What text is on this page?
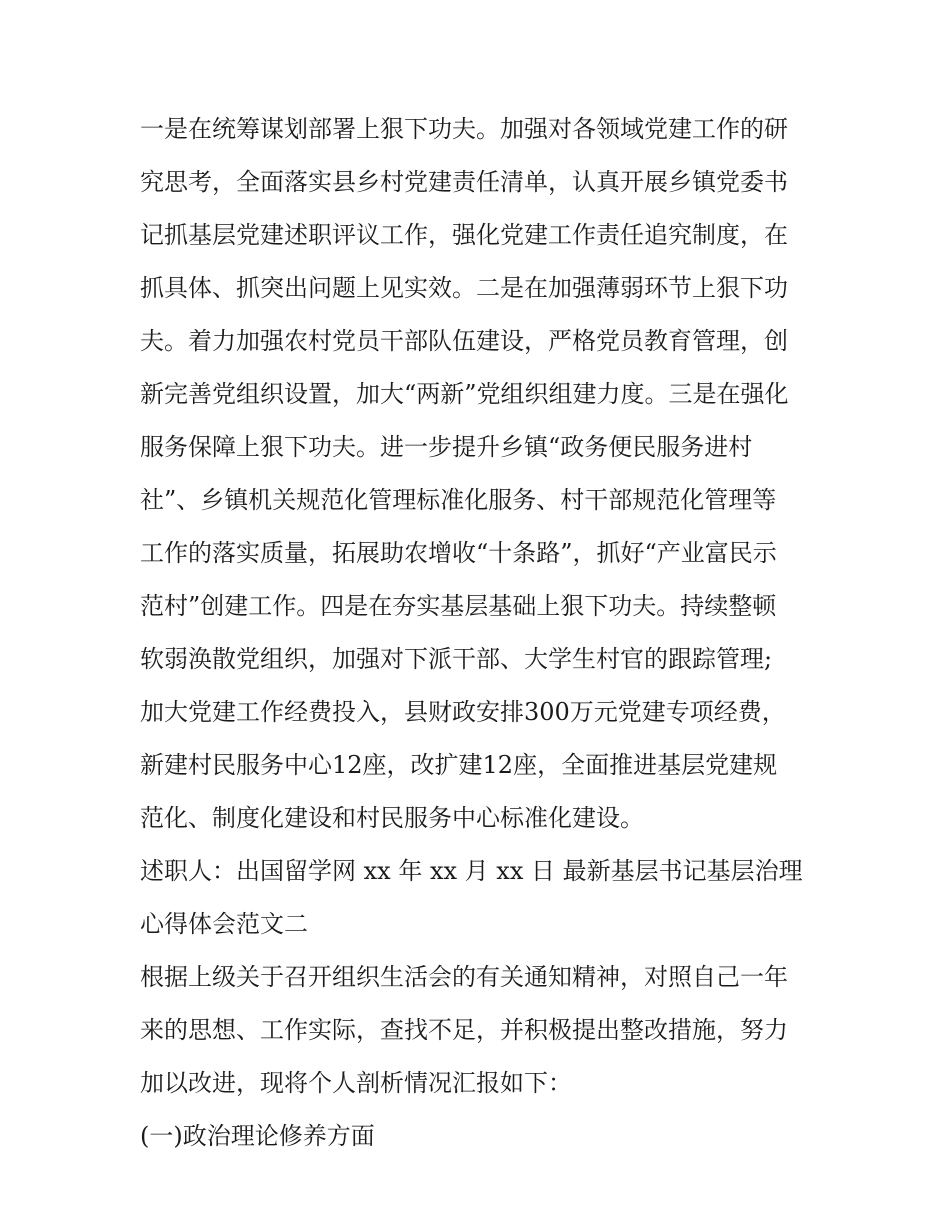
一是在统筹谋划部署上狠下功夫。加强对各领域党建工作的研
究思考，全面落实县乡村党建责任清单，认真开展乡镇党委书
记抓基层党建述职评议工作，强化党建工作责任追究制度，在
抓具体、抓突出问题上见实效。二是在加强薄弱环节上狠下功
夫。着力加强农村党员干部队伍建设，严格党员教育管理，创
新完善党组织设置，加大“两新”党组织组建力度。三是在强化
服务保障上狠下功夫。进一步提升乡镇“政务便民服务进村
社”、乡镇机关规范化管理标准化服务、村干部规范化管理等
工作的落实质量，拓展助农增收“十条路”，抓好“产业富民示
范村”创建工作。四是在夯实基层基础上狠下功夫。持续整顿
软弱涣散党组织，加强对下派干部、大学生村官的跟踪管理;
加大党建工作经费投入，县财政安排300万元党建专项经费，
新建村民服务中心12座，改扩建12座，全面推进基层党建规
范化、制度化建设和村民服务中心标准化建设。
述职人：出国留学网 xx 年 xx 月 xx 日 最新基层书记基层治理
心得体会范文二
根据上级关于召开组织生活会的有关通知精神，对照自己一年
来的思想、工作实际，查找不足，并积极提出整改措施，努力
加以改进，现将个人剖析情况汇报如下：
(一)政治理论修养方面
